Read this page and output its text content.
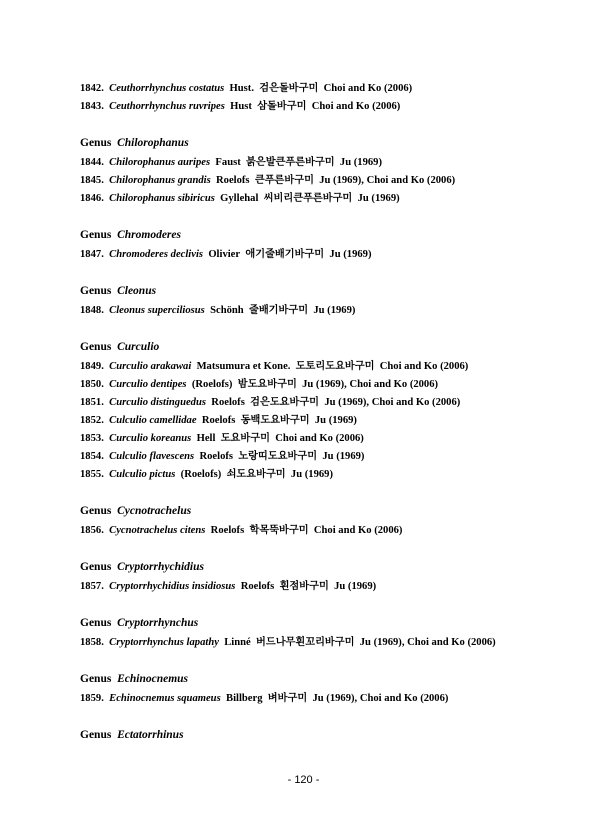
1842. Ceuthorrhynchus costatus Hust. 검은돌바구미 Choi and Ko (2006)
1843. Ceuthorrhynchus ruvripes Hust 삼돌바구미 Choi and Ko (2006)
Genus Chilorophanus
1844. Chilorophanus auripes Faust 붉은발큰푸른바구미 Ju (1969)
1845. Chilorophanus grandis Roelofs 큰푸른바구미 Ju (1969), Choi and Ko (2006)
1846. Chilorophanus sibiricus Gyllehal 씨비리큰푸른바구미 Ju (1969)
Genus Chromoderes
1847. Chromoderes declivis Olivier 애기줄배기바구미 Ju (1969)
Genus Cleonus
1848. Cleonus superciliosus Schönh 줄배기바구미 Ju (1969)
Genus Curculio
1849. Curculio arakawai Matsumura et Kone. 도토리도요바구미 Choi and Ko (2006)
1850. Curculio dentipes (Roelofs) 밤도요바구미 Ju (1969), Choi and Ko (2006)
1851. Curculio distinguedus Roelofs 검은도요바구미 Ju (1969), Choi and Ko (2006)
1852. Culculio camellidae Roelofs 동백도요바구미 Ju (1969)
1853. Curculio koreanus Hell 도요바구미 Choi and Ko (2006)
1854. Culculio flavescens Roelofs 노랑띠도요바구미 Ju (1969)
1855. Culculio pictus (Roelofs) 쇠도요바구미 Ju (1969)
Genus Cycnotrachelus
1856. Cycnotrachelus citens Roelofs 학목뚝바구미 Choi and Ko (2006)
Genus Cryptorrhychidius
1857. Cryptorrhychidius insidiosus Roelofs 흰점바구미 Ju (1969)
Genus Cryptorrhynchus
1858. Cryptorrhynchus lapathy Linné 버드나무흰꼬리바구미 Ju (1969), Choi and Ko (2006)
Genus Echinocnemus
1859. Echinocnemus squameus Billberg 벼바구미 Ju (1969), Choi and Ko (2006)
Genus Ectatorrhinus
- 120 -
